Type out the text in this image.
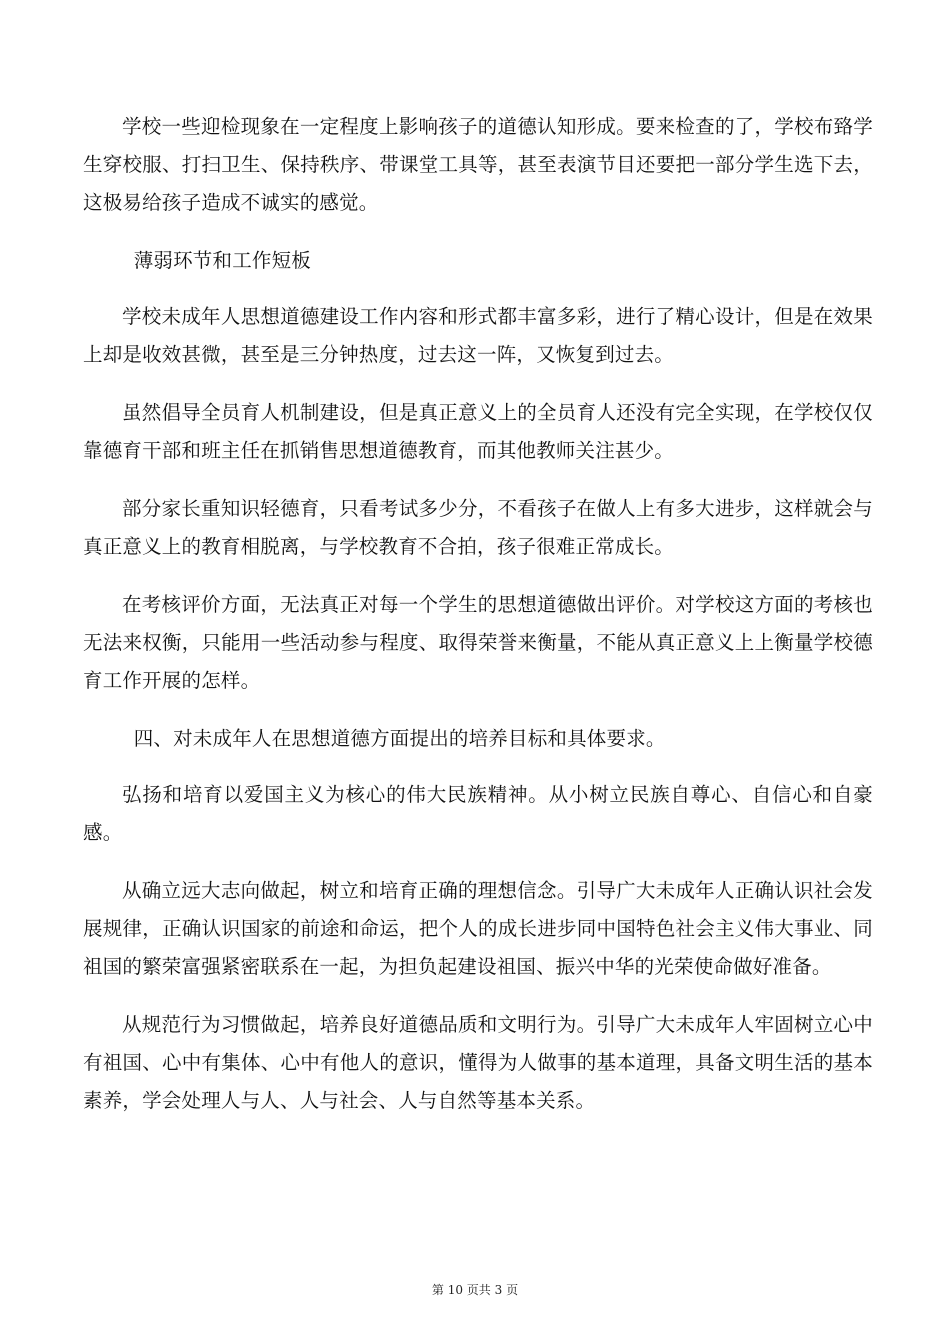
学校一些迎检现象在一定程度上影响孩子的道德认知形成。要来检查的了，学校布臵学生穿校服、打扫卫生、保持秩序、带课堂工具等，甚至表演节目还要把一部分学生选下去，这极易给孩子造成不诚实的感觉。

薄弱环节和工作短板

学校未成年人思想道德建设工作内容和形式都丰富多彩，进行了精心设计，但是在效果上却是收效甚微，甚至是三分钟热度，过去这一阵，又恢复到过去。

虽然倡导全员育人机制建设，但是真正意义上的全员育人还没有完全实现，在学校仅仅靠德育干部和班主任在抓销售思想道德教育，而其他教师关注甚少。

部分家长重知识轻德育，只看考试多少分，不看孩子在做人上有多大进步，这样就会与真正意义上的教育相脱离，与学校教育不合拍，孩子很难正常成长。

在考核评价方面，无法真正对每一个学生的思想道德做出评价。对学校这方面的考核也无法来权衡，只能用一些活动参与程度、取得荣誉来衡量，不能从真正意义上上衡量学校德育工作开展的怎样。

四、对未成年人在思想道德方面提出的培养目标和具体要求。

弘扬和培育以爱国主义为核心的伟大民族精神。从小树立民族自尊心、自信心和自豪感。

从确立远大志向做起，树立和培育正确的理想信念。引导广大未成年人正确认识社会发展规律，正确认识国家的前途和命运，把个人的成长进步同中国特色社会主义伟大事业、同祖国的繁荣富强紧密联系在一起，为担负起建设祖国、振兴中华的光荣使命做好准备。

从规范行为习惯做起，培养良好道德品质和文明行为。引导广大未成年人牢固树立心中有祖国、心中有集体、心中有他人的意识，懂得为人做事的基本道理，具备文明生活的基本素养，学会处理人与人、人与社会、人与自然等基本关系。

第 10 页共 3 页
